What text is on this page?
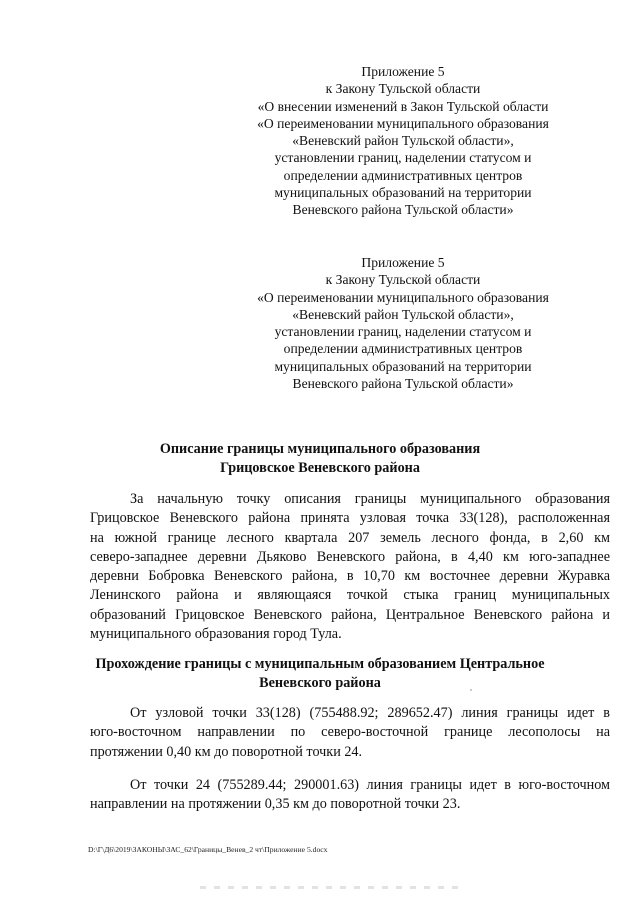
Приложение 5
к Закону Тульской области
«О внесении изменений в Закон Тульской области
«О переименовании муниципального образования
«Веневский район Тульской области»,
установлении границ, наделении статусом и
определении административных центров
муниципальных образований на территории
Веневского района Тульской области»
Приложение 5
к Закону Тульской области
«О переименовании муниципального образования
«Веневский район Тульской области»,
установлении границ, наделении статусом и
определении административных центров
муниципальных образований на территории
Веневского района Тульской области»
Описание границы муниципального образования
Грицовское Веневского района
За начальную точку описания границы муниципального образования
Грицовское Веневского района принята узловая точка 33(128), расположенная
на южной границе лесного квартала 207 земель лесного фонда, в 2,60 км
северо-западнее деревни Дьяково Веневского района, в 4,40 км юго-западнее
деревни Бобровка Веневского района, в 10,70 км восточнее деревни Журавка
Ленинского района и являющаяся точкой стыка границ муниципальных
образований Грицовское Веневского района, Центральное Веневского района и
муниципального образования город Тула.
Прохождение границы с муниципальным образованием Центральное
Веневского района
От узловой точки 33(128) (755488.92; 289652.47) линия границы идет в
юго-восточном направлении по северо-восточной границе лесополосы на
протяжении 0,40 км до поворотной точки 24.
От точки 24 (755289.44; 290001.63) линия границы идет в юго-восточном
направлении на протяжении 0,35 км до поворотной точки 23.
D:\Г\Д6\2019\ЗАКОНЫ\ЗАС_62\Границы_Венев_2 чт\Приложение 5.docx
